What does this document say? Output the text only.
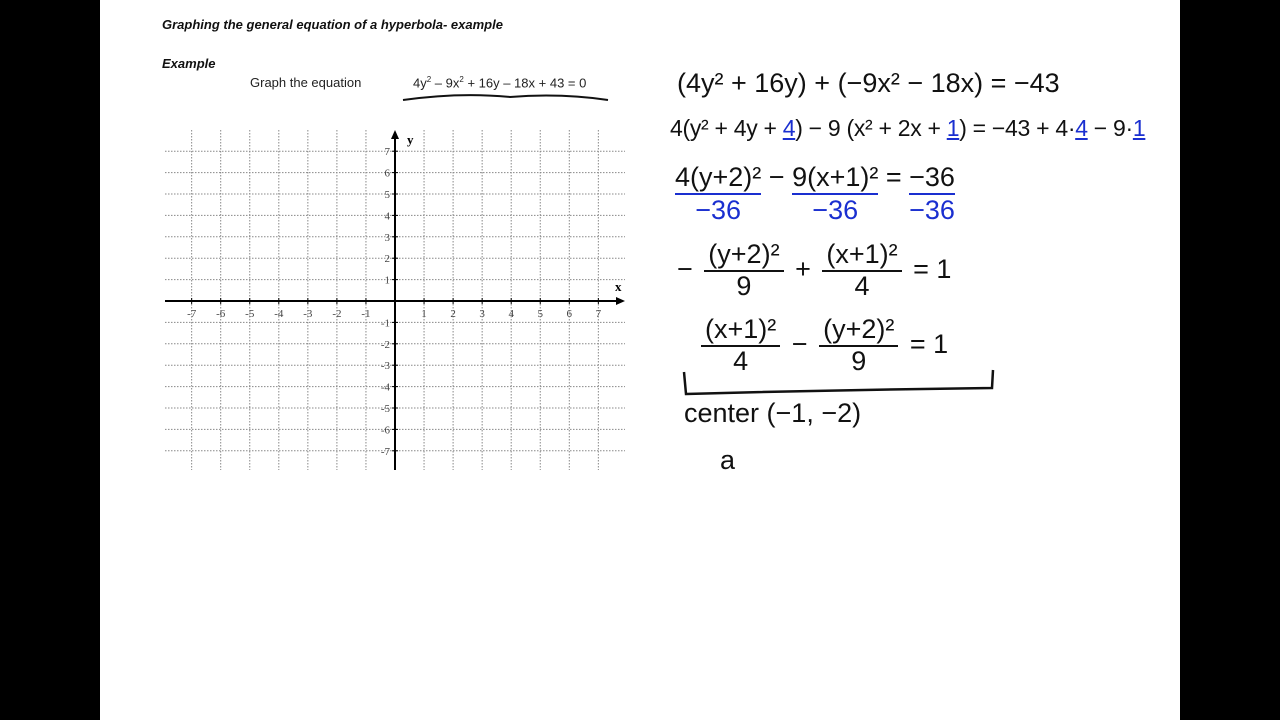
Graphing the general equation of a hyperbola- example
Example
Graph the equation	$4y^2 - 9x^2 + 16y - 18x + 43 = 0$
-7 -6 -5 -4 -3 -2 -1	1 2 3 4 5 6 7
7
6
5
4
3
2
1
-1
-2
-3
-4
-5
-6
-7
x
y
(4y² + 16y) + (−9x² − 18x) = −43
4(y² + 4y + 4) − 9 (x² + 2x + 1) = −43 + 4·4 − 9·1
4(y+2)²
−36
− $\frac{\text{9(x+1)²}}{-36} = \frac{-36}{-36}$
− $\frac{\text{(y+2)²}}{9} + \frac{\text{(x+1)²}}{4} = 1$
$\frac{\text{(x+1)²}}{4} - \frac{\text{(y+2)²}}{9} = 1$
center (−1, −2)
a
